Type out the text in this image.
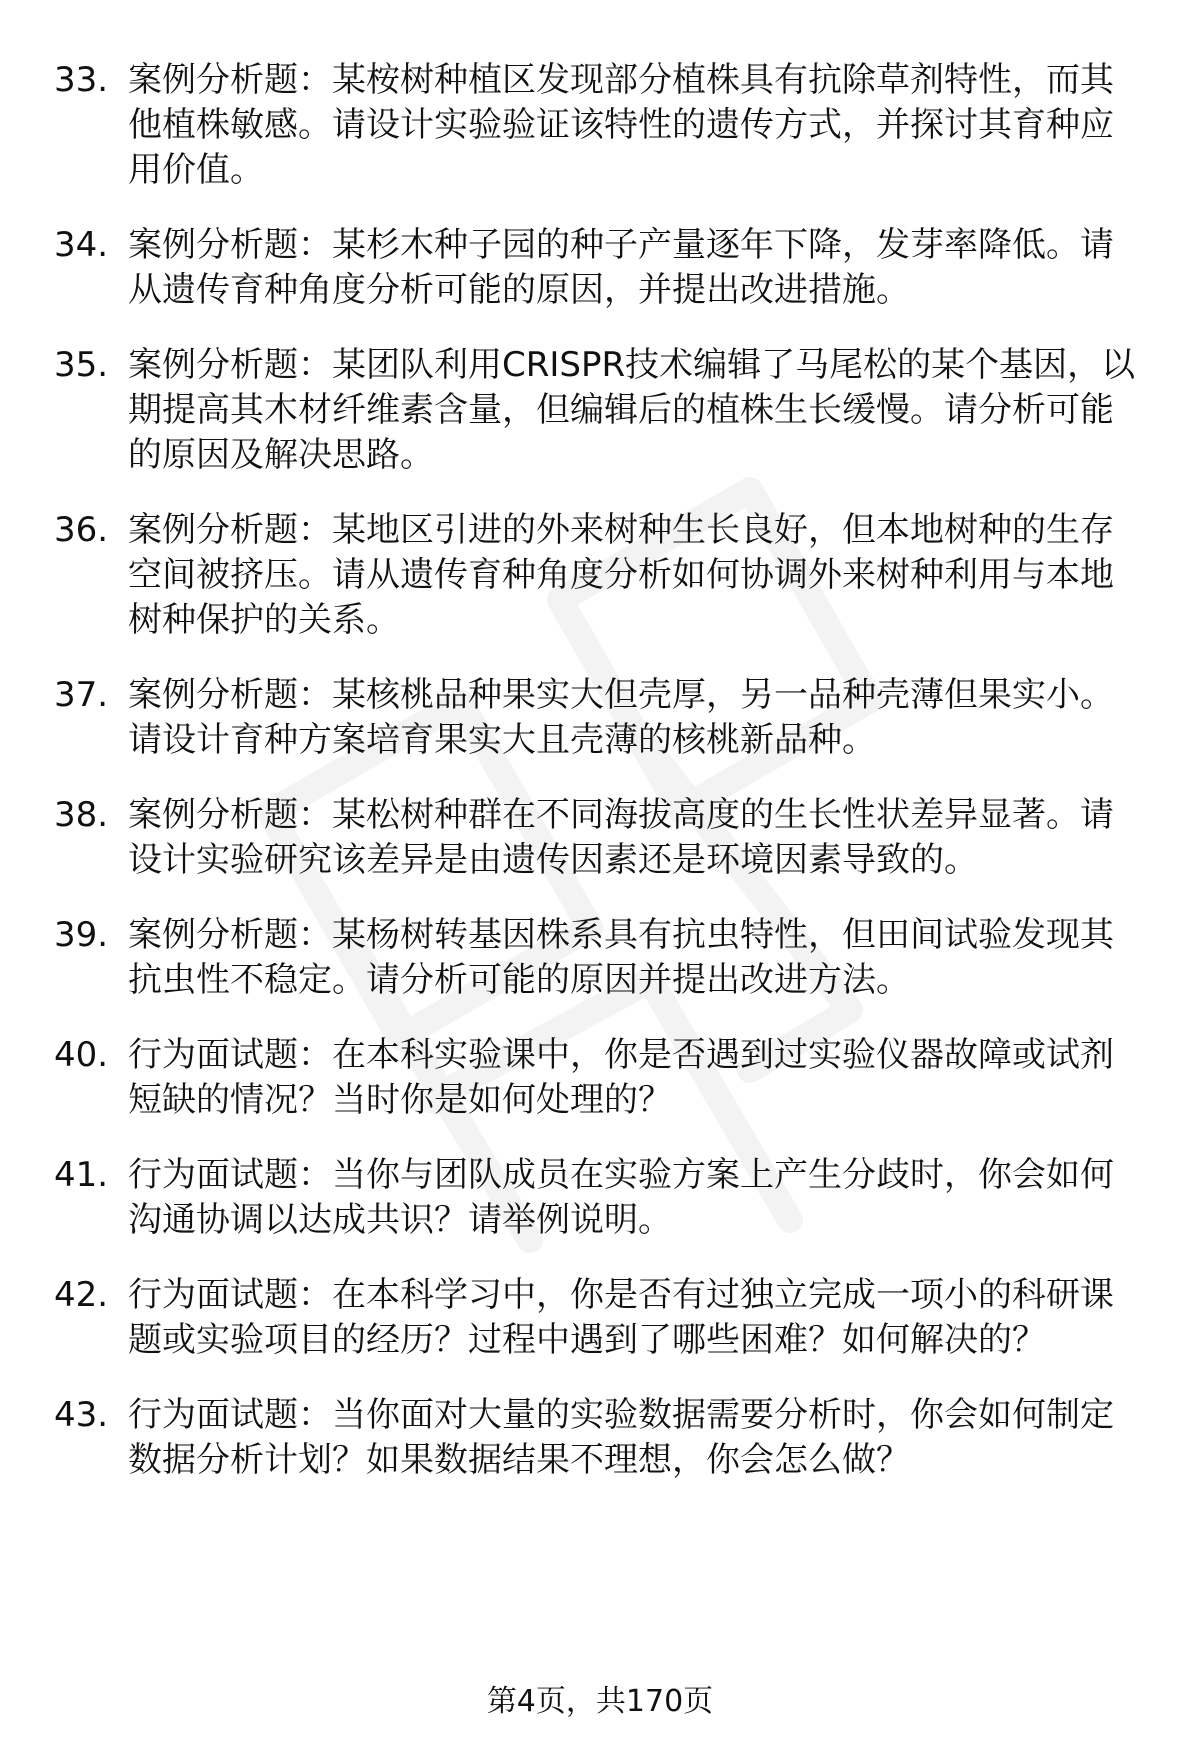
33. 案例分析题：某桉树种植区发现部分植株具有抗除草剂特性，而其他植株敏感。请设计实验验证该特性的遗传方式，并探讨其育种应用价值。
34. 案例分析题：某杉木种子园的种子产量逐年下降，发芽率降低。请从遗传育种角度分析可能的原因，并提出改进措施。
35. 案例分析题：某团队利用CRISPR技术编辑了马尾松的某个基因，以期提高其木材纤维素含量，但编辑后的植株生长缓慢。请分析可能的原因及解决思路。
36. 案例分析题：某地区引进的外来树种生长良好，但本地树种的生存空间被挤压。请从遗传育种角度分析如何协调外来树种利用与本地树种保护的关系。
37. 案例分析题：某核桃品种果实大但壳厚，另一品种壳薄但果实小。请设计育种方案培育果实大且壳薄的核桃新品种。
38. 案例分析题：某松树种群在不同海拔高度的生长性状差异显著。请设计实验研究该差异是由遗传因素还是环境因素导致的。
39. 案例分析题：某杨树转基因株系具有抗虫特性，但田间试验发现其抗虫性不稳定。请分析可能的原因并提出改进方法。
40. 行为面试题：在本科实验课中，你是否遇到过实验仪器故障或试剂短缺的情况？当时你是如何处理的？
41. 行为面试题：当你与团队成员在实验方案上产生分歧时，你会如何沟通协调以达成共识？请举例说明。
42. 行为面试题：在本科学习中，你是否有过独立完成一项小的科研课题或实验项目的经历？过程中遇到了哪些困难？如何解决的？
43. 行为面试题：当你面对大量的实验数据需要分析时，你会如何制定数据分析计划？如果数据结果不理想，你会怎么做？
第4页，共170页
